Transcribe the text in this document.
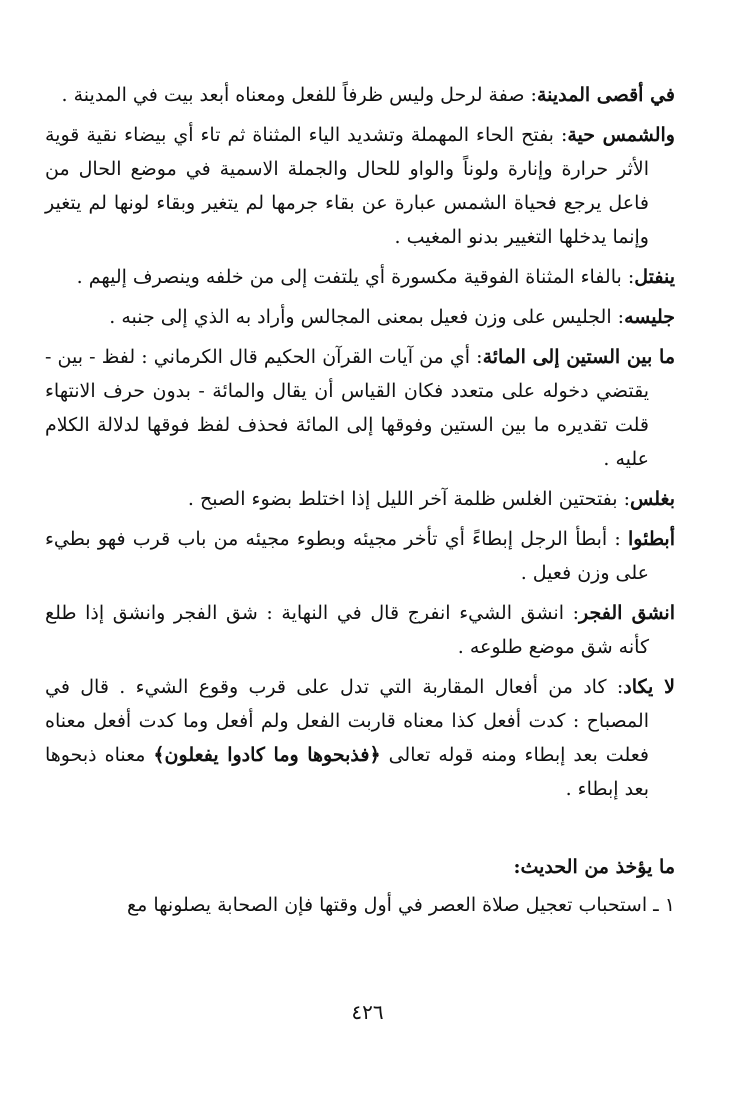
في أقصى المدينة: صفة لرحل وليس ظرفاً للفعل ومعناه أبعد بيت في المدينة .

والشمس حية: بفتح الحاء المهملة وتشديد الياء المثناة ثم تاء أي بيضاء نقية قوية الأثر حرارة وإنارة ولوناً والواو للحال والجملة الاسمية في موضع الحال من فاعل يرجع فحياة الشمس عبارة عن بقاء جرمها لم يتغير وبقاء لونها لم يتغير وإنما يدخلها التغيير بدنو المغيب .

ينفتل: بالفاء المثناة الفوقية مكسورة أي يلتفت إلى من خلفه وينصرف إليهم .

جليسه: الجليس على وزن فعيل بمعنى المجالس وأراد به الذي إلى جنبه .

ما بين الستين إلى المائة: أي من آيات القرآن الحكيم قال الكرماني : لفظ - بين - يقتضي دخوله على متعدد فكان القياس أن يقال والمائة - بدون حرف الانتهاء قلت تقديره ما بين الستين وفوقها إلى المائة فحذف لفظ فوقها لدلالة الكلام عليه .

بغلس: بفتحتين الغلس ظلمة آخر الليل إذا اختلط بضوء الصبح .

أبطئوا : أبطأ الرجل إبطاءً أي تأخر مجيئه وبطوء مجيئه من باب قرب فهو بطيء على وزن فعيل .

انشق الفجر: انشق الشيء انفرج قال في النهاية : شق الفجر وانشق إذا طلع كأنه شق موضع طلوعه .

لا يكاد: كاد من أفعال المقاربة التي تدل على قرب وقوع الشيء . قال في المصباح : كدت أفعل كذا معناه قاربت الفعل ولم أفعل وما كدت أفعل معناه فعلت بعد إبطاء ومنه قوله تعالى ﴿فذبحوها وما كادوا يفعلون﴾ معناه ذبحوها بعد إبطاء .

ما يؤخذ من الحديث:

١ ـ استحباب تعجيل صلاة العصر في أول وقتها فإن الصحابة يصلونها مع

٤٢٦
